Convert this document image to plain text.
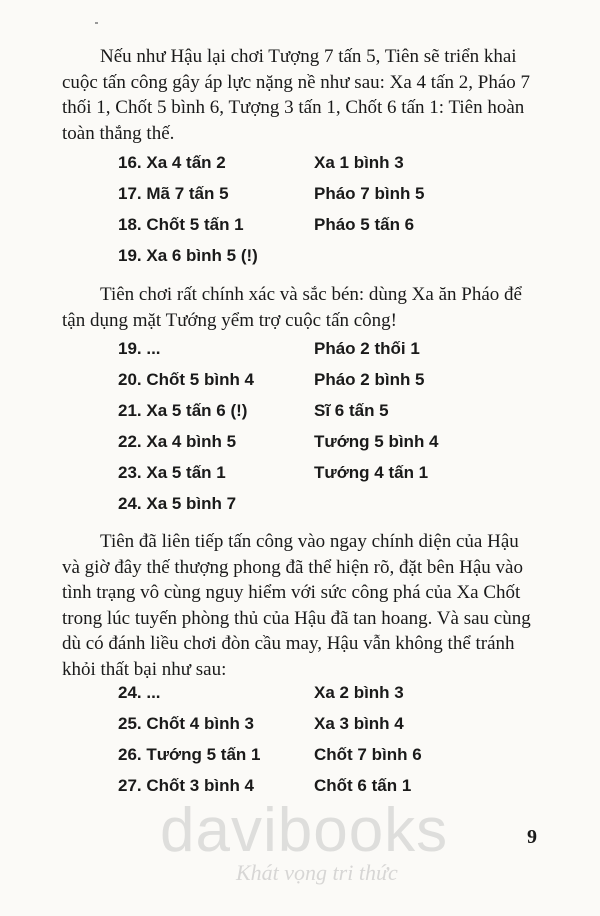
Nếu như Hậu lại chơi Tượng 7 tấn 5, Tiên sẽ triển khai
cuộc tấn công gây áp lực nặng nề như sau: Xa 4 tấn 2, Pháo 7
thối 1, Chốt 5 bình 6, Tượng 3 tấn 1, Chốt 6 tấn 1: Tiên hoàn
toàn thắng thế.
16. Xa 4 tấn 2	Xa 1 bình 3
17. Mã 7 tấn 5	Pháo 7 bình 5
18. Chốt 5 tấn 1	Pháo 5 tấn 6
19. Xa 6 bình 5 (!)
Tiên chơi rất chính xác và sắc bén: dùng Xa ăn Pháo để
tận dụng mặt Tướng yểm trợ cuộc tấn công!
19. ...	Pháo 2 thối 1
20. Chốt 5 bình 4	Pháo 2 bình 5
21. Xa 5 tấn 6 (!)	Sĩ 6 tấn 5
22. Xa 4 bình 5	Tướng 5 bình 4
23. Xa 5 tấn 1	Tướng 4 tấn 1
24. Xa 5 bình 7
Tiên đã liên tiếp tấn công vào ngay chính diện của Hậu
và giờ đây thế thượng phong đã thể hiện rõ, đặt bên Hậu vào
tình trạng vô cùng nguy hiểm với sức công phá của Xa Chốt
trong lúc tuyến phòng thủ của Hậu đã tan hoang. Và sau cùng
dù có đánh liều chơi đòn cầu may, Hậu vẫn không thể tránh
khỏi thất bại như sau:
24. ...	Xa 2 bình 3
25. Chốt 4 bình 3	Xa 3 bình 4
26. Tướng 5 tấn 1	Chốt 7 bình 6
27. Chốt 3 bình 4	Chốt 6 tấn 1
davibooks
Khát vọng tri thức
9
